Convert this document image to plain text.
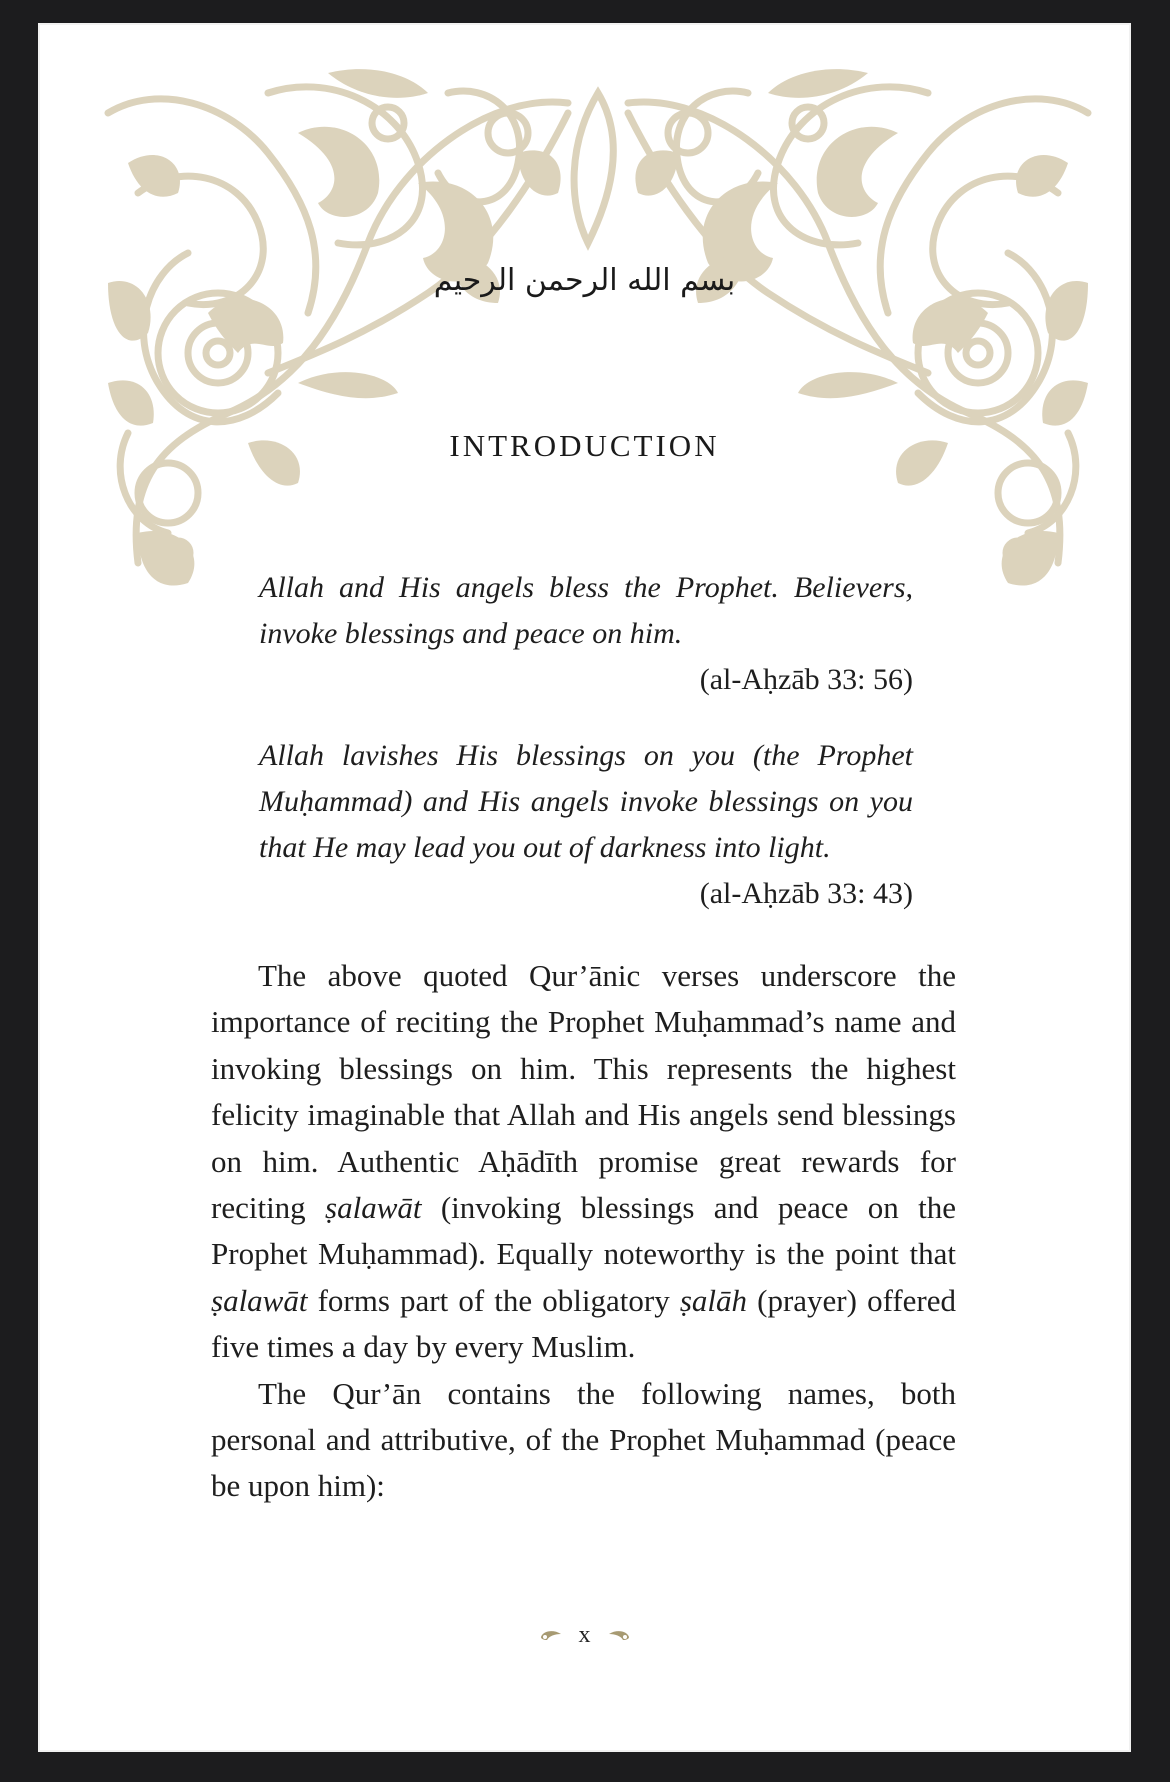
بسم الله الرحمن الرحيم
INTRODUCTION

Allah and His angels bless the Prophet. Believers, invoke blessings and peace on him.

(al-Aḥzāb 33: 56)

Allah lavishes His blessings on you (the Prophet Muḥammad) and His angels invoke blessings on you that He may lead you out of darkness into light.

(al-Aḥzāb 33: 43)

The above quoted Qur’ānic verses underscore the importance of reciting the Prophet Muḥammad’s name and invoking blessings on him. This represents the highest felicity imaginable that Allah and His angels send blessings on him. Authentic Aḥādīth promise great rewards for reciting ṣalawāt (invoking blessings and peace on the Prophet Muḥammad). Equally noteworthy is the point that ṣalawāt forms part of the obligatory ṣalāh (prayer) offered five times a day by every Muslim.

The Qur’ān contains the following names, both personal and attributive, of the Prophet Muḥammad (peace be upon him):

x
